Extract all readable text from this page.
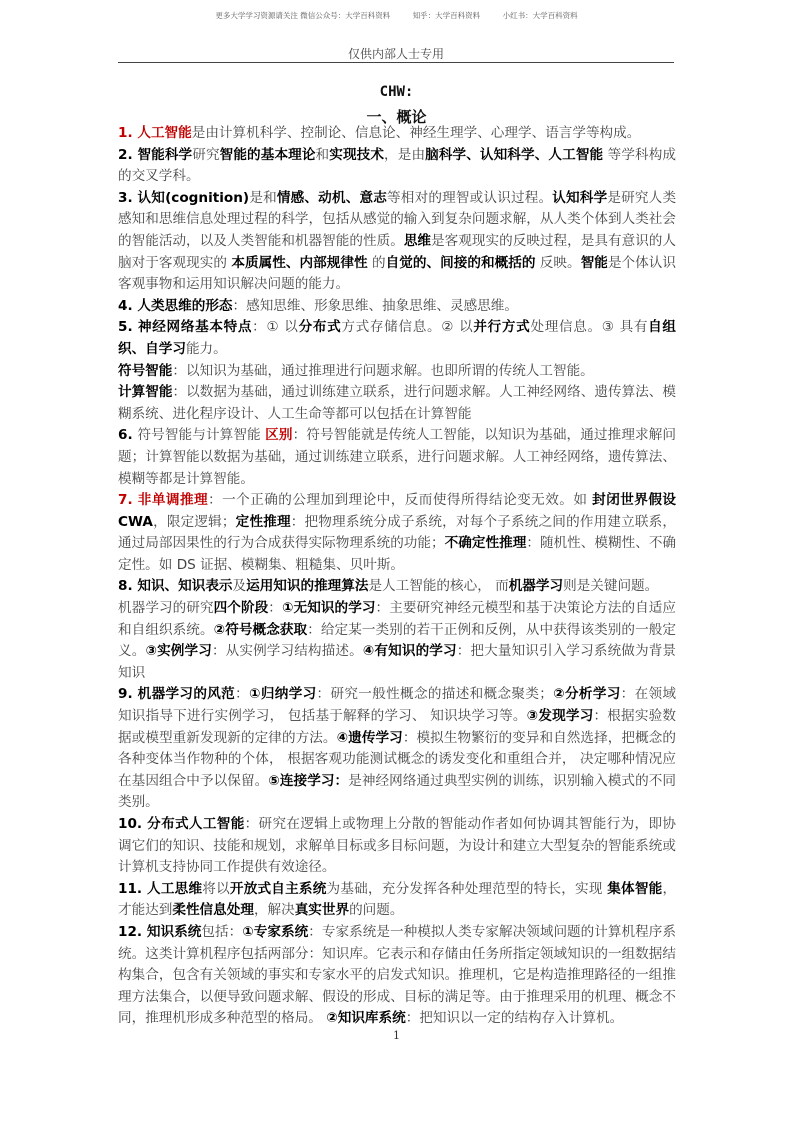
更多大学学习资源请关注 微信公众号：大学百科资料	知乎：大学百科资料	小红书：大学百科资料
仅供内部人士专用
CHW:
一、概论

1. 人工智能是由计算机科学、控制论、信息论、神经生理学、心理学、语言学等构成。

2. 智能科学研究智能的基本理论和实现技术，是由脑科学、认知科学、人工智能 等学科构成的交叉学科。

3. 认知(cognition)是和情感、动机、意志等相对的理智或认识过程。认知科学是研究人类感知和思维信息处理过程的科学，包括从感觉的输入到复杂问题求解，从人类个体到人类社会的智能活动，以及人类智能和机器智能的性质。思维是客观现实的反映过程，是具有意识的人脑对于客观现实的 本质属性、内部规律性 的自觉的、间接的和概括的 反映。智能是个体认识客观事物和运用知识解决问题的能力。

4. 人类思维的形态：感知思维、形象思维、抽象思维、灵感思维。

5. 神经网络基本特点：① 以分布式方式存储信息。② 以并行方式处理信息。③ 具有自组织、自学习能力。

符号智能：以知识为基础，通过推理进行问题求解。也即所谓的传统人工智能。

计算智能：以数据为基础，通过训练建立联系，进行问题求解。人工神经网络、遗传算法、模糊系统、进化程序设计、人工生命等都可以包括在计算智能

6. 符号智能与计算智能 区别：符号智能就是传统人工智能，以知识为基础，通过推理求解问题；计算智能以数据为基础，通过训练建立联系，进行问题求解。人工神经网络，遗传算法、模糊等都是计算智能。

7. 非单调推理：一个正确的公理加到理论中，反而使得所得结论变无效。如 封闭世界假设CWA，限定逻辑；定性推理：把物理系统分成子系统，对每个子系统之间的作用建立联系，通过局部因果性的行为合成获得实际物理系统的功能；不确定性推理：随机性、模糊性、不确定性。如 DS 证据、模糊集、粗糙集、贝叶斯。

8. 知识、知识表示及运用知识的推理算法是人工智能的核心， 而机器学习则是关键问题。

机器学习的研究四个阶段：①无知识的学习：主要研究神经元模型和基于决策论方法的自适应和自组织系统。②符号概念获取：给定某一类别的若干正例和反例，从中获得该类别的一般定义。③实例学习：从实例学习结构描述。④有知识的学习：把大量知识引入学习系统做为背景知识

9. 机器学习的风范：①归纳学习：研究一般性概念的描述和概念聚类；②分析学习：在领域知识指导下进行实例学习， 包括基于解释的学习、 知识块学习等。③发现学习：根据实验数据或模型重新发现新的定律的方法。④遗传学习：模拟生物繁衍的变异和自然选择，把概念的各种变体当作物种的个体， 根据客观功能测试概念的诱发变化和重组合并， 决定哪种情况应在基因组合中予以保留。⑤连接学习：是神经网络通过典型实例的训练，识别输入模式的不同类别。

10. 分布式人工智能：研究在逻辑上或物理上分散的智能动作者如何协调其智能行为，即协调它们的知识、技能和规划，求解单目标或多目标问题，为设计和建立大型复杂的智能系统或计算机支持协同工作提供有效途径。

11. 人工思维将以开放式自主系统为基础，充分发挥各种处理范型的特长，实现 集体智能，才能达到柔性信息处理，解决真实世界的问题。

12. 知识系统包括：①专家系统：专家系统是一种模拟人类专家解决领域问题的计算机程序系统。这类计算机程序包括两部分：知识库。它表示和存储由任务所指定领域知识的一组数据结构集合，包含有关领域的事实和专家水平的启发式知识。推理机，它是构造推理路径的一组推理方法集合，以便导致问题求解、假设的形成、目标的满足等。由于推理采用的机理、概念不同，推理机形成多种范型的格局。 ②知识库系统：把知识以一定的结构存入计算机。

1
